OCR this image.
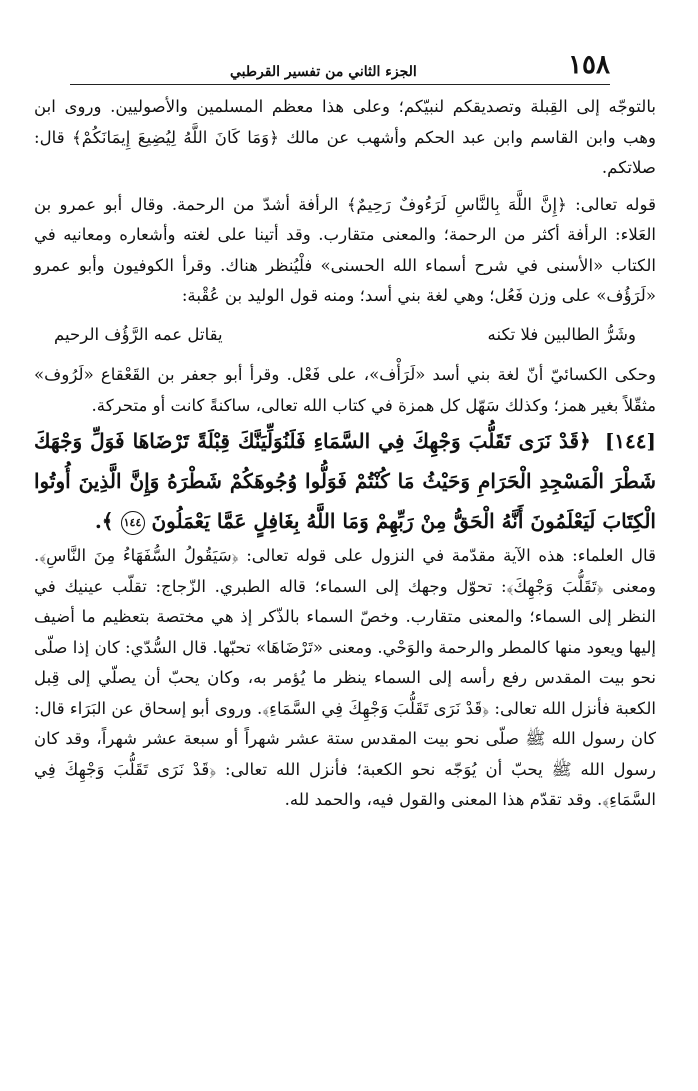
١٥٨
الجزء الثاني من تفسير القرطبي

بالتوجّه إلى القِبلة وتصديقكم لنبيّكم؛ وعلى هذا معظم المسلمين والأصوليين. وروى ابن وهب وابن القاسم وابن عبد الحكم وأشهب عن مالك ﴿وَمَا كَانَ اللَّهُ لِيُضِيعَ إِيمَانَكُمْ﴾ قال: صلاتكم.

قوله تعالى: ﴿إِنَّ اللَّهَ بِالنَّاسِ لَرَءُوفٌ رَحِيمٌ﴾ الرأفة أشدّ من الرحمة. وقال أبو عمرو بن العَلاء: الرأفة أكثر من الرحمة؛ والمعنى متقارب. وقد أتينا على لغته وأشعاره ومعانيه في الكتاب «الأسنى في شرح أسماء الله الحسنى» فلْيُنظر هناك. وقرأ الكوفيون وأبو عمرو «لَرَؤُف» على وزن فَعُل؛ وهي لغة بني أسد؛ ومنه قول الوليد بن عُقْبة:

وشَرُّ الطالبين فلا تكنه
يقاتل عمه الرَّؤُف الرحيم

وحكى الكسائيّ أنّ لغة بني أسد «لَرَأْف»، على فَعْل. وقرأ أبو جعفر بن القَعْقاع «لَرُوف» مثقّلاً بغير همز؛ وكذلك سَهّل كل همزة في كتاب الله تعالى، ساكنةً كانت أو متحركة.

[١٤٤] ﴿قَدْ نَرَى تَقَلُّبَ وَجْهِكَ فِي السَّمَاءِ فَلَنُوَلِّيَنَّكَ قِبْلَةً تَرْضَاهَا فَوَلِّ وَجْهَكَ شَطْرَ الْمَسْجِدِ الْحَرَامِ وَحَيْثُ مَا كُنْتُمْ فَوَلُّوا وُجُوهَكُمْ شَطْرَهُ وَإِنَّ الَّذِينَ أُوتُوا الْكِتَابَ لَيَعْلَمُونَ أَنَّهُ الْحَقُّ مِنْ رَبِّهِمْ وَمَا اللَّهُ بِغَافِلٍ عَمَّا يَعْمَلُونَ ١٤٤ ﴾.

قال العلماء: هذه الآية مقدّمة في النزول على قوله تعالى: ﴿سَيَقُولُ السُّفَهَاءُ مِنَ النَّاسِ﴾. ومعنى ﴿تَقَلُّبَ وَجْهِكَ﴾: تحوّل وجهك إلى السماء؛ قاله الطبري. الزّجاج: تقلّب عينيك في النظر إلى السماء؛ والمعنى متقارب. وخصّ السماء بالذّكر إذ هي مختصة بتعظيم ما أضيف إليها ويعود منها كالمطر والرحمة والوَحْي. ومعنى «تَرْضَاهَا» تحبّها. قال السُّدّي: كان إذا صلّى نحو بيت المقدس رفع رأسه إلى السماء ينظر ما يُؤمر به، وكان يحبّ أن يصلّي إلى قِبل الكعبة فأنزل الله تعالى: ﴿قَدْ نَرَى تَقَلُّبَ وَجْهِكَ فِي السَّمَاءِ﴾. وروى أبو إسحاق عن البَرَاء قال: كان رسول الله ﷺ صلّى نحو بيت المقدس ستة عشر شهراً أو سبعة عشر شهراً، وقد كان رسول الله ﷺ يحبّ أن يُوَجّه نحو الكعبة؛ فأنزل الله تعالى: ﴿قَدْ نَرَى تَقَلُّبَ وَجْهِكَ فِي السَّمَاءِ﴾. وقد تقدّم هذا المعنى والقول فيه، والحمد لله.
